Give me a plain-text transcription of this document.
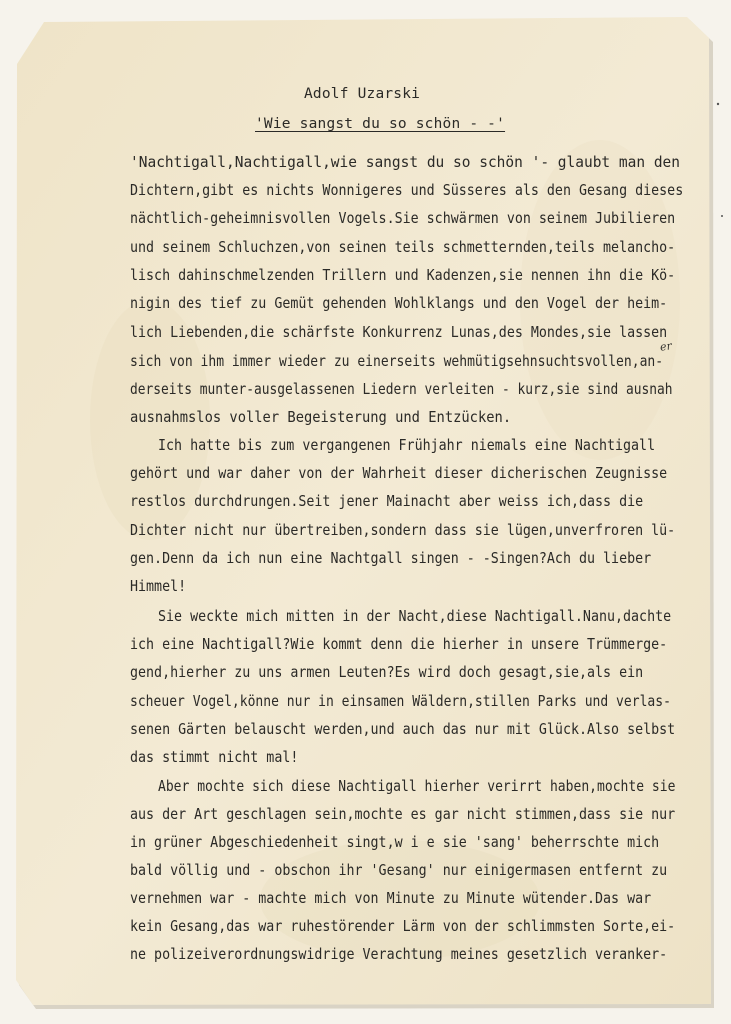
Adolf Uzarski
'Wie sangst du so schön - -'
'Nachtigall,Nachtigall,wie sangst du so schön '- glaubt man den
Dichtern,gibt es nichts Wonnigeres und Süsseres als den Gesang dieses
nächtlich-geheimnisvollen Vogels.Sie schwärmen von seinem Jubilieren
und seinem Schluchzen,von seinen teils schmetternden,teils melancho-
lisch dahinschmelzenden Trillern und Kadenzen,sie nennen ihn die Kö-
nigin des tief zu Gemüt gehenden Wohlklangs und den Vogel der heim-
lich Liebenden,die schärfste Konkurrenz Lunas,des Mondes,sie lassen
sich von ihm immer wieder zu einerseits wehmütigsehnsuchtsvollen,an-
derseits munter-ausgelassenen Liedern verleiten - kurz,sie sind ausnah
ausnahmslos voller Begeisterung und Entzücken.
Ich hatte bis zum vergangenen Frühjahr niemals eine Nachtigall
gehört und war daher von der Wahrheit dieser dicherischen Zeugnisse
restlos durchdrungen.Seit jener Mainacht aber weiss ich,dass die
Dichter nicht nur übertreiben,sondern dass sie lügen,unverfroren lü-
gen.Denn da ich nun eine Nachtgall singen - -Singen?Ach du lieber
Himmel!
Sie weckte mich mitten in der Nacht,diese Nachtigall.Nanu,dachte
ich eine Nachtigall?Wie kommt denn die hierher in unsere Trümmerge-
gend,hierher zu uns armen Leuten?Es wird doch gesagt,sie,als ein
scheuer Vogel,könne nur in einsamen Wäldern,stillen Parks und verlas-
senen Gärten belauscht werden,und auch das nur mit Glück.Also selbst
das stimmt nicht mal!
Aber mochte sich diese Nachtigall hierher verirrt haben,mochte sie
aus der Art geschlagen sein,mochte es gar nicht stimmen,dass sie nur
in grüner Abgeschiedenheit singt,w i e sie 'sang' beherrschte mich
bald völlig und - obschon ihr 'Gesang' nur einigermasen entfernt zu
vernehmen war - machte mich von Minute zu Minute wütender.Das war
kein Gesang,das war ruhestörender Lärm von der schlimmsten Sorte,ei-
ne polizeiverordnungswidrige Verachtung meines gesetzlich veranker-
er
